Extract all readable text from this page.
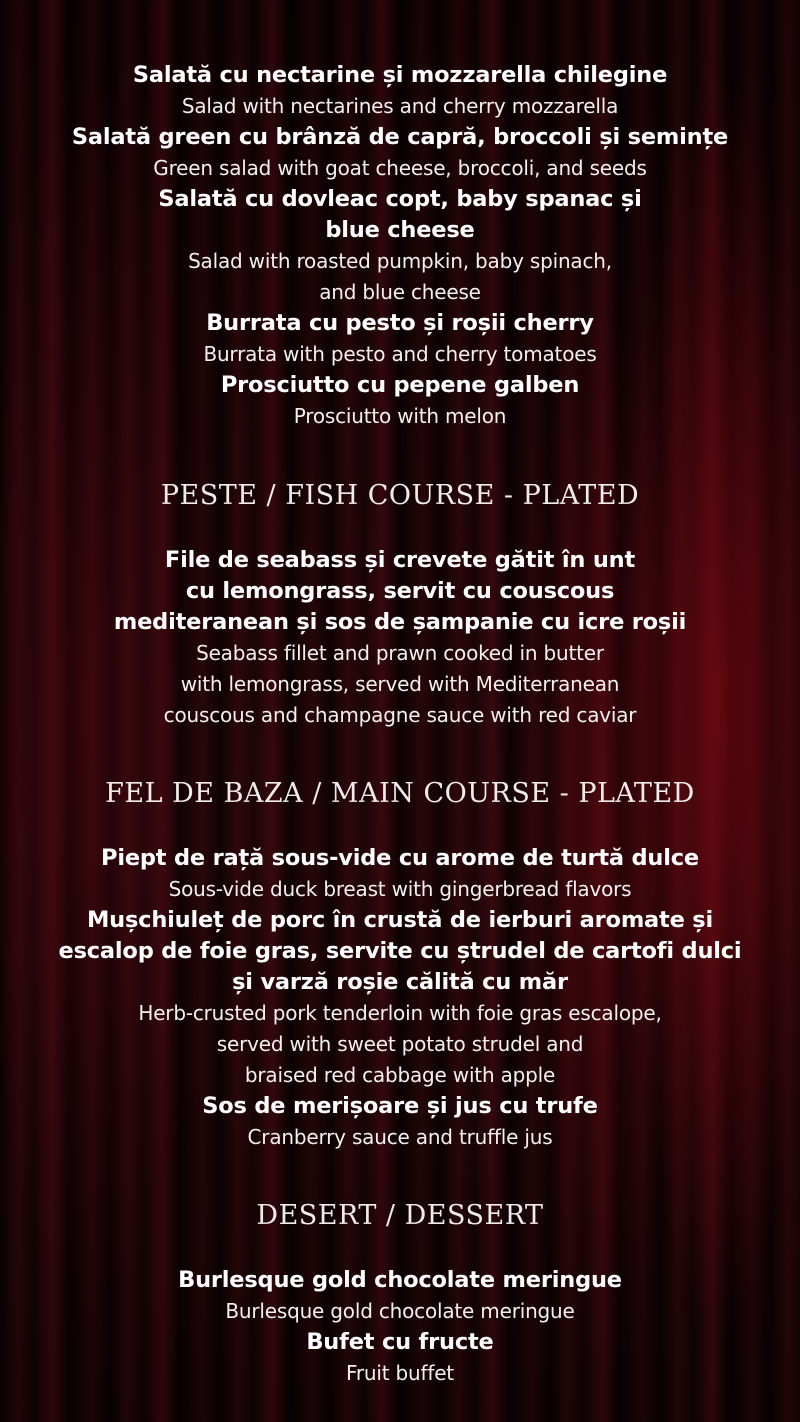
Salată cu nectarine și mozzarella chilegine

Salad with nectarines and cherry mozzarella

Salată green cu brânză de capră, broccoli și semințe

Green salad with goat cheese, broccoli, and seeds

Salată cu dovleac copt, baby spanac și

blue cheese

Salad with roasted pumpkin, baby spinach,

and blue cheese

Burrata cu pesto și roșii cherry

Burrata with pesto and cherry tomatoes

Prosciutto cu pepene galben

Prosciutto with melon

PESTE / FISH COURSE - PLATED

File de seabass și crevete gătit în unt

cu lemongrass, servit cu couscous

mediteranean și sos de șampanie cu icre roșii

Seabass fillet and prawn cooked in butter

with lemongrass, served with Mediterranean

couscous and champagne sauce with red caviar

FEL DE BAZA / MAIN COURSE - PLATED

Piept de rață sous-vide cu arome de turtă dulce

Sous-vide duck breast with gingerbread flavors

Mușchiuleț de porc în crustă de ierburi aromate și

escalop de foie gras, servite cu ștrudel de cartofi dulci

și varză roșie călită cu măr

Herb-crusted pork tenderloin with foie gras escalope,

served with sweet potato strudel and

braised red cabbage with apple

Sos de merișoare și jus cu trufe

Cranberry sauce and truffle jus

DESERT / DESSERT

Burlesque gold chocolate meringue

Burlesque gold chocolate meringue

Bufet cu fructe

Fruit buffet
